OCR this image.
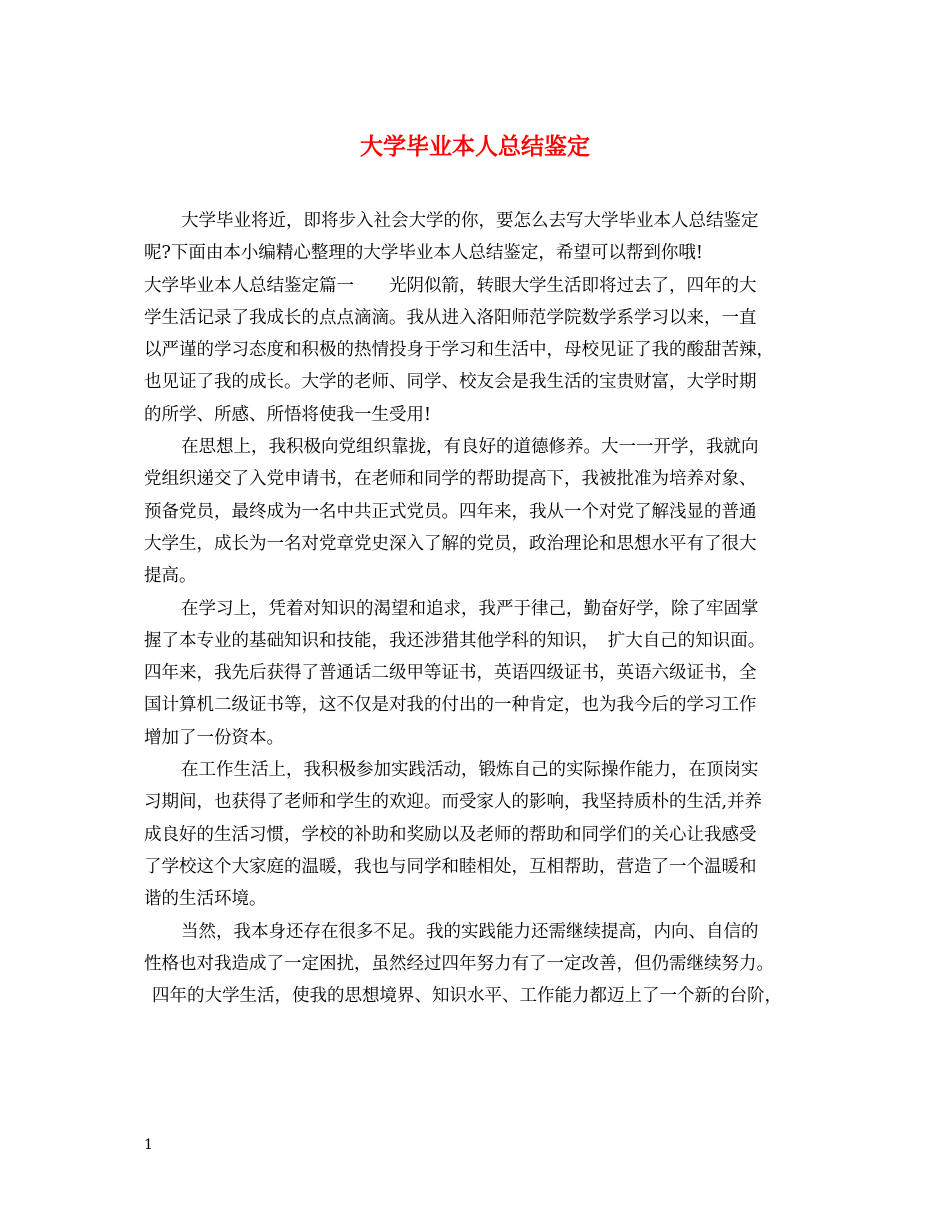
大学毕业本人总结鉴定
大学毕业将近，即将步入社会大学的你，要怎么去写大学毕业本人总结鉴定
呢?下面由本小编精心整理的大学毕业本人总结鉴定，希望可以帮到你哦!
大学毕业本人总结鉴定篇一　　光阴似箭，转眼大学生活即将过去了，四年的大
学生活记录了我成长的点点滴滴。我从进入洛阳师范学院数学系学习以来，一直
以严谨的学习态度和积极的热情投身于学习和生活中，母校见证了我的酸甜苦辣，
也见证了我的成长。大学的老师、同学、校友会是我生活的宝贵财富，大学时期
的所学、所感、所悟将使我一生受用!
在思想上，我积极向党组织靠拢，有良好的道德修养。大一一开学，我就向
党组织递交了入党申请书，在老师和同学的帮助提高下，我被批准为培养对象、
预备党员，最终成为一名中共正式党员。四年来，我从一个对党了解浅显的普通
大学生，成长为一名对党章党史深入了解的党员，政治理论和思想水平有了很大
提高。
在学习上，凭着对知识的渴望和追求，我严于律己，勤奋好学，除了牢固掌
握了本专业的基础知识和技能，我还涉猎其他学科的知识，　扩大自己的知识面。
四年来，我先后获得了普通话二级甲等证书，英语四级证书，英语六级证书，全
国计算机二级证书等，这不仅是对我的付出的一种肯定，也为我今后的学习工作
增加了一份资本。
在工作生活上，我积极参加实践活动，锻炼自己的实际操作能力，在顶岗实
习期间，也获得了老师和学生的欢迎。而受家人的影响，我坚持质朴的生活,并养
成良好的生活习惯，学校的补助和奖励以及老师的帮助和同学们的关心让我感受
了学校这个大家庭的温暖，我也与同学和睦相处，互相帮助，营造了一个温暖和
谐的生活环境。
当然，我本身还存在很多不足。我的实践能力还需继续提高，内向、自信的
性格也对我造成了一定困扰，虽然经过四年努力有了一定改善，但仍需继续努力。
四年的大学生活，使我的思想境界、知识水平、工作能力都迈上了一个新的台阶，
1
